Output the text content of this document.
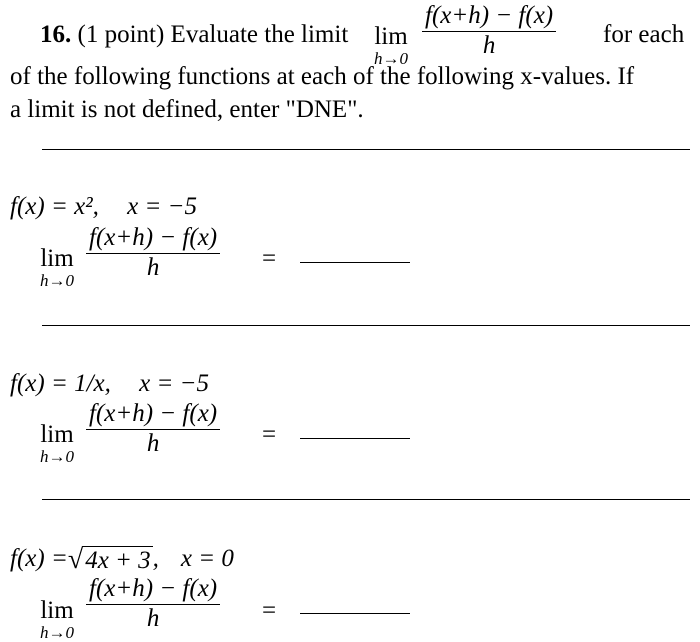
16. (1 point) Evaluate the limit lim
$h\to 0 \frac{f(x+h) - f(x)}{h}$ for each
of the following functions at each of the following x-values. If
a limit is not defined, enter "DNE".
f(x) = x², x = −5
lim
$h\to 0 \frac{f(x+h) - f(x)}{h}$ =
f(x) = 1/x, x = −5
lim
$h\to 0 \frac{f(x+h) - f(x)}{h}$ =
f(x) = √ 4x + 3 , x = 0
lim
$h\to 0 \frac{f(x+h) - f(x)}{h}$ =
